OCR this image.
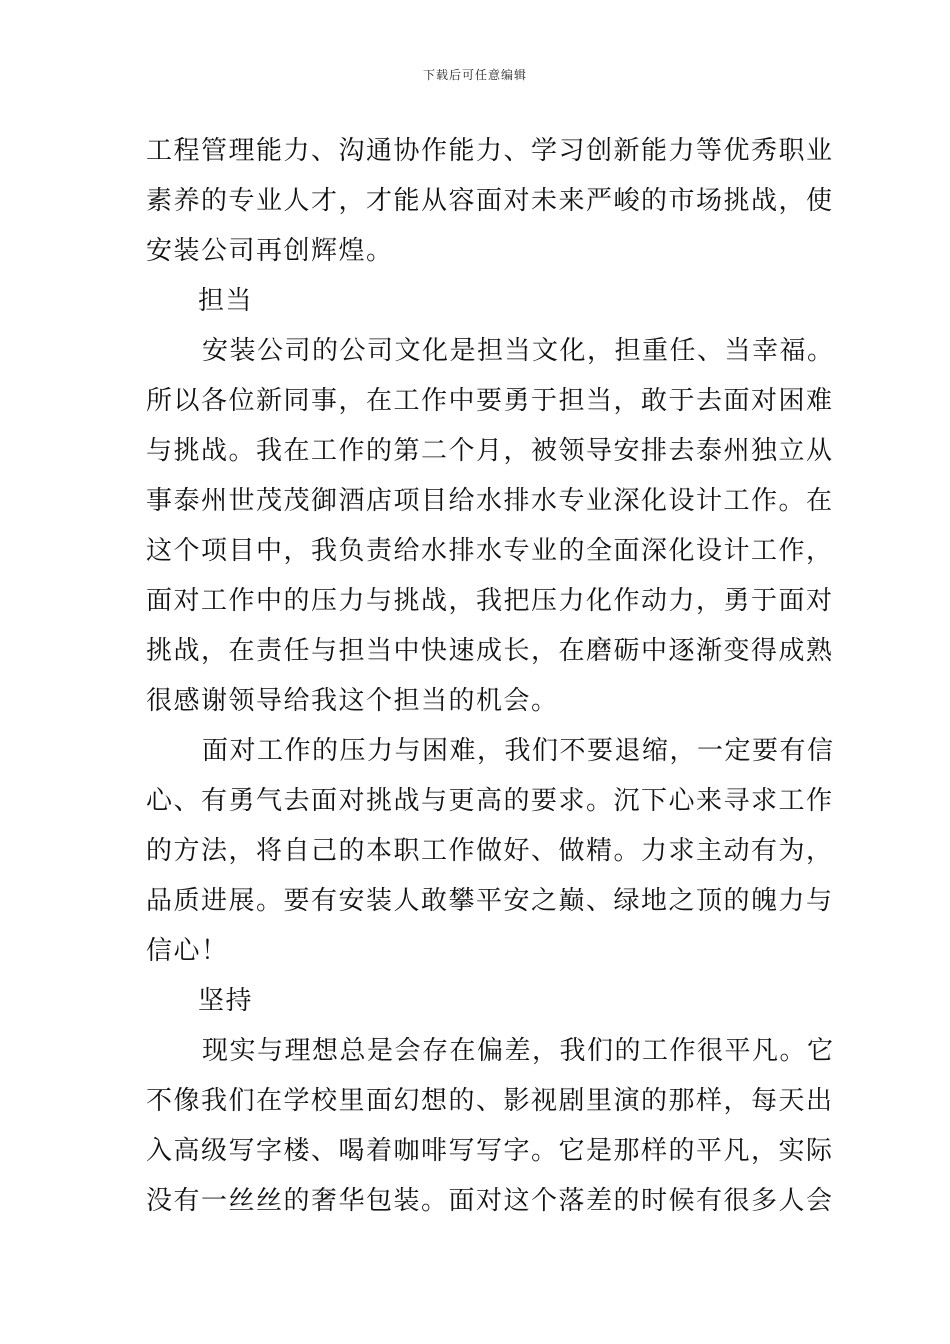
下载后可任意编辑
工程管理能力、沟通协作能力、学习创新能力等优秀职业
素养的专业人才，才能从容面对未来严峻的市场挑战，使
安装公司再创辉煌。
担当
安装公司的公司文化是担当文化，担重任、当幸福。
所以各位新同事，在工作中要勇于担当，敢于去面对困难
与挑战。我在工作的第二个月，被领导安排去泰州独立从
事泰州世茂茂御酒店项目给水排水专业深化设计工作。在
这个项目中，我负责给水排水专业的全面深化设计工作，
面对工作中的压力与挑战，我把压力化作动力，勇于面对
挑战，在责任与担当中快速成长，在磨砺中逐渐变得成熟
很感谢领导给我这个担当的机会。
面对工作的压力与困难，我们不要退缩，一定要有信
心、有勇气去面对挑战与更高的要求。沉下心来寻求工作
的方法，将自己的本职工作做好、做精。力求主动有为，
品质进展。要有安装人敢攀平安之巅、绿地之顶的魄力与
信心！
坚持
现实与理想总是会存在偏差，我们的工作很平凡。它
不像我们在学校里面幻想的、影视剧里演的那样，每天出
入高级写字楼、喝着咖啡写写字。它是那样的平凡，实际
没有一丝丝的奢华包装。面对这个落差的时候有很多人会
